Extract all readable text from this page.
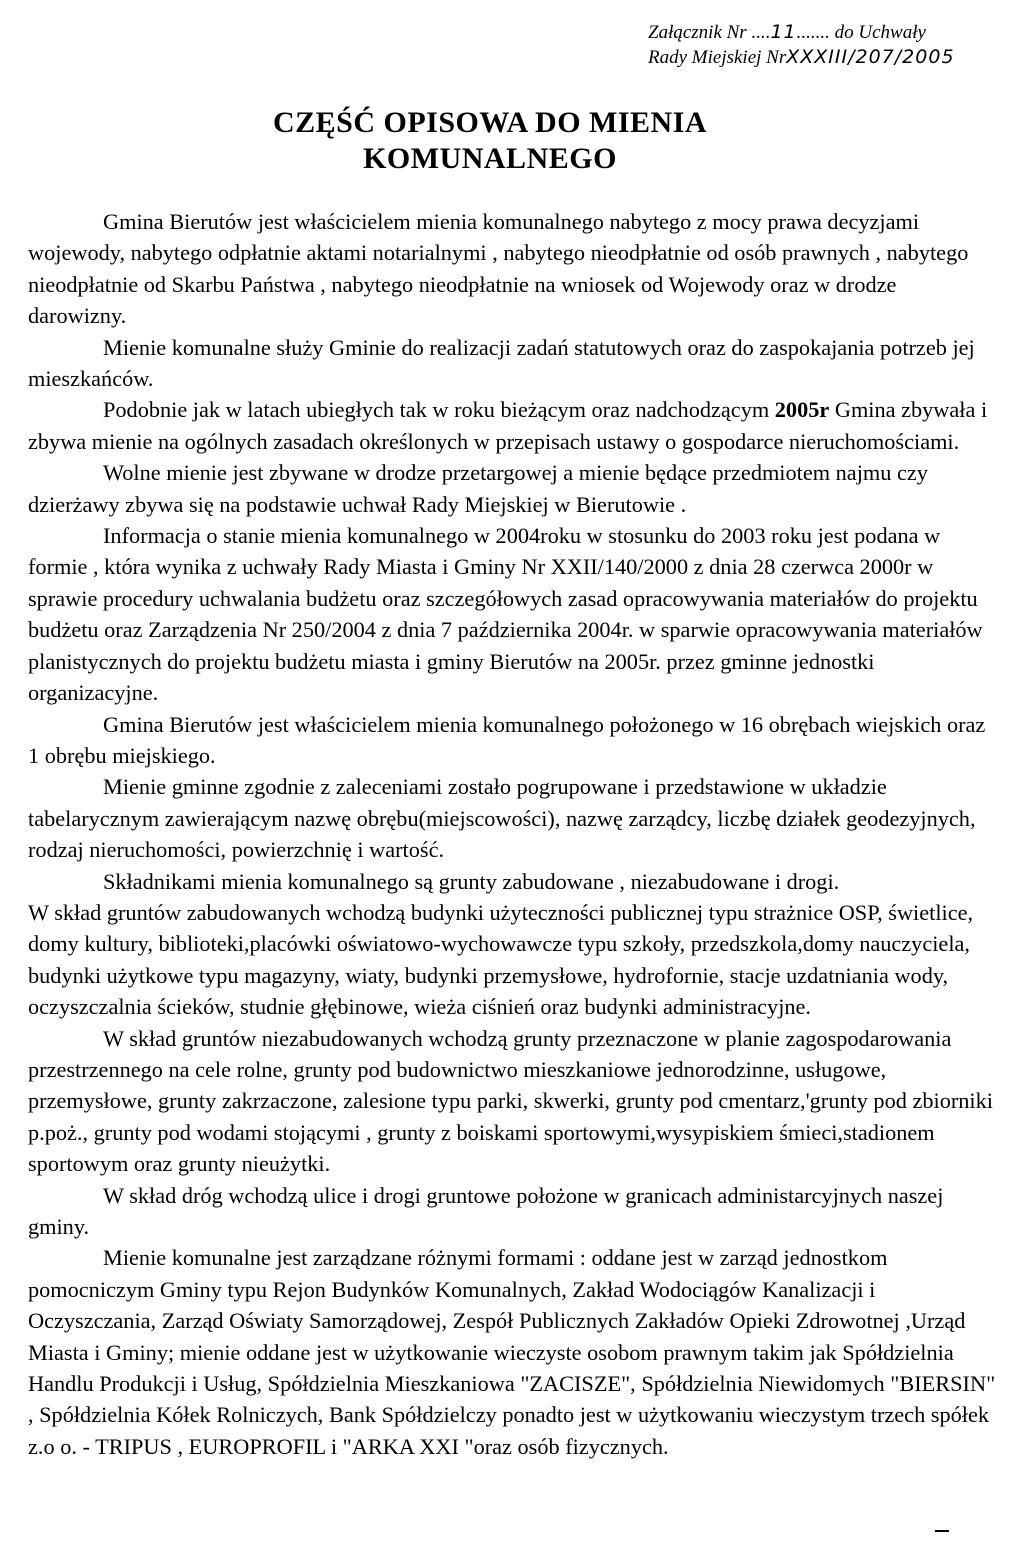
Załącznik Nr ....11....... do Uchwały
Rady Miejskiej NrXXXIII/207/2005
CZĘŚĆ OPISOWA DO MIENIA
KOMUNALNEGO

Gmina Bierutów jest właścicielem mienia komunalnego nabytego z mocy prawa decyzjami wojewody, nabytego odpłatnie aktami notarialnymi , nabytego nieodpłatnie od osób prawnych , nabytego nieodpłatnie od Skarbu Państwa , nabytego nieodpłatnie na wniosek od Wojewody oraz w drodze darowizny.

Mienie komunalne służy Gminie do realizacji zadań statutowych oraz do zaspokajania potrzeb jej mieszkańców.

Podobnie jak w latach ubiegłych tak w roku bieżącym oraz nadchodzącym 2005r Gmina zbywała i zbywa mienie na ogólnych zasadach określonych w przepisach ustawy o gospodarce nieruchomościami.

Wolne mienie jest zbywane w drodze przetargowej a mienie będące przedmiotem najmu czy dzierżawy zbywa się na podstawie uchwał Rady Miejskiej w Bierutowie .

Informacja o stanie mienia komunalnego w 2004roku w stosunku do 2003 roku jest podana w formie , która wynika z uchwały Rady Miasta i Gminy Nr XXII/140/2000 z dnia 28 czerwca 2000r w sprawie procedury uchwalania budżetu oraz szczegółowych zasad opracowywania materiałów do projektu budżetu oraz Zarządzenia Nr 250/2004 z dnia 7 października 2004r. w sparwie opracowywania materiałów planistycznych do projektu budżetu miasta i gminy Bierutów na 2005r. przez gminne jednostki organizacyjne.

Gmina Bierutów jest właścicielem mienia komunalnego położonego w 16 obrębach wiejskich oraz 1 obrębu miejskiego.

Mienie gminne zgodnie z zaleceniami zostało pogrupowane i przedstawione w układzie tabelarycznym zawierającym nazwę obrębu(miejscowości), nazwę zarządcy, liczbę działek geodezyjnych, rodzaj nieruchomości, powierzchnię i wartość.

Składnikami mienia komunalnego są grunty zabudowane , niezabudowane i drogi.

W skład gruntów zabudowanych wchodzą budynki użyteczności publicznej typu strażnice OSP, świetlice, domy kultury, biblioteki,placówki oświatowo-wychowawcze typu szkoły, przedszkola,domy nauczyciela, budynki użytkowe typu magazyny, wiaty, budynki przemysłowe, hydrofornie, stacje uzdatniania wody, oczyszczalnia ścieków, studnie głębinowe, wieża ciśnień oraz budynki administracyjne.

W skład gruntów niezabudowanych wchodzą grunty przeznaczone w planie zagospodarowania przestrzennego na cele rolne, grunty pod budownictwo mieszkaniowe jednorodzinne, usługowe, przemysłowe, grunty zakrzaczone, zalesione typu parki, skwerki, grunty pod cmentarz,'grunty pod zbiorniki p.poż., grunty pod wodami stojącymi , grunty z boiskami sportowymi,wysypiskiem śmieci,stadionem sportowym oraz grunty nieużytki.

W skład dróg wchodzą ulice i drogi gruntowe położone w granicach administarcyjnych naszej gminy.

Mienie komunalne jest zarządzane różnymi formami : oddane jest w zarząd jednostkom pomocniczym Gminy typu Rejon Budynków Komunalnych, Zakład Wodociągów Kanalizacji i Oczyszczania, Zarząd Oświaty Samorządowej, Zespół Publicznych Zakładów Opieki Zdrowotnej ,Urząd Miasta i Gminy; mienie oddane jest w użytkowanie wieczyste osobom prawnym takim jak Spółdzielnia Handlu Produkcji i Usług, Spółdzielnia Mieszkaniowa "ZACISZE", Spółdzielnia Niewidomych "BIERSIN" , Spółdzielnia Kółek Rolniczych, Bank Spółdzielczy ponadto jest w użytkowaniu wieczystym trzech spółek z.o o. - TRIPUS , EUROPROFIL i "ARKA XXI "oraz osób fizycznych.
